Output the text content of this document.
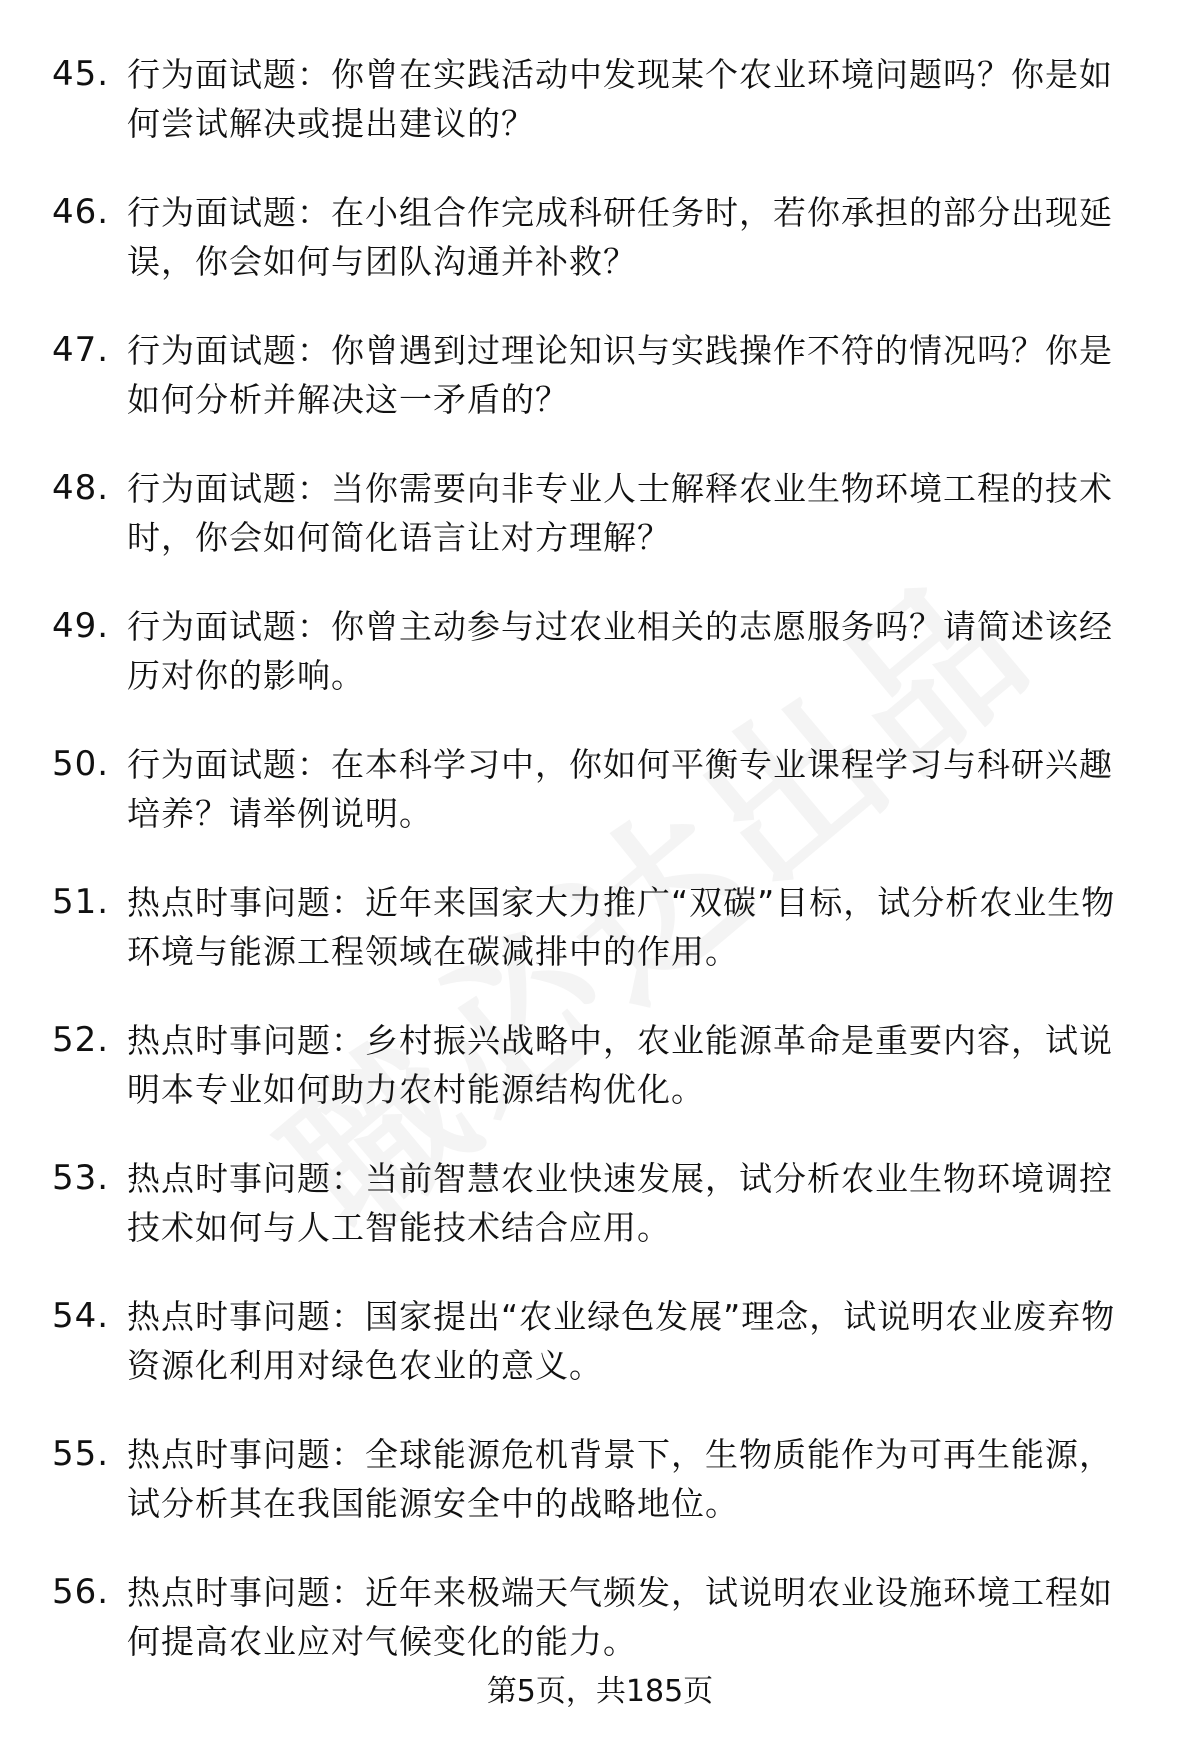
45. 行为面试题：你曾在实践活动中发现某个农业环境问题吗？你是如何尝试解决或提出建议的？
46. 行为面试题：在小组合作完成科研任务时，若你承担的部分出现延误，你会如何与团队沟通并补救？
47. 行为面试题：你曾遇到过理论知识与实践操作不符的情况吗？你是如何分析并解决这一矛盾的？
48. 行为面试题：当你需要向非专业人士解释农业生物环境工程的技术时，你会如何简化语言让对方理解？
49. 行为面试题：你曾主动参与过农业相关的志愿服务吗？请简述该经历对你的影响。
50. 行为面试题：在本科学习中，你如何平衡专业课程学习与科研兴趣培养？请举例说明。
51. 热点时事问题：近年来国家大力推广“双碳”目标，试分析农业生物环境与能源工程领域在碳减排中的作用。
52. 热点时事问题：乡村振兴战略中，农业能源革命是重要内容，试说明本专业如何助力农村能源结构优化。
53. 热点时事问题：当前智慧农业快速发展，试分析农业生物环境调控技术如何与人工智能技术结合应用。
54. 热点时事问题：国家提出“农业绿色发展”理念，试说明农业废弃物资源化利用对绿色农业的意义。
55. 热点时事问题：全球能源危机背景下，生物质能作为可再生能源，试分析其在我国能源安全中的战略地位。
56. 热点时事问题：近年来极端天气频发，试说明农业设施环境工程如何提高农业应对气候变化的能力。
第5页，共185页
